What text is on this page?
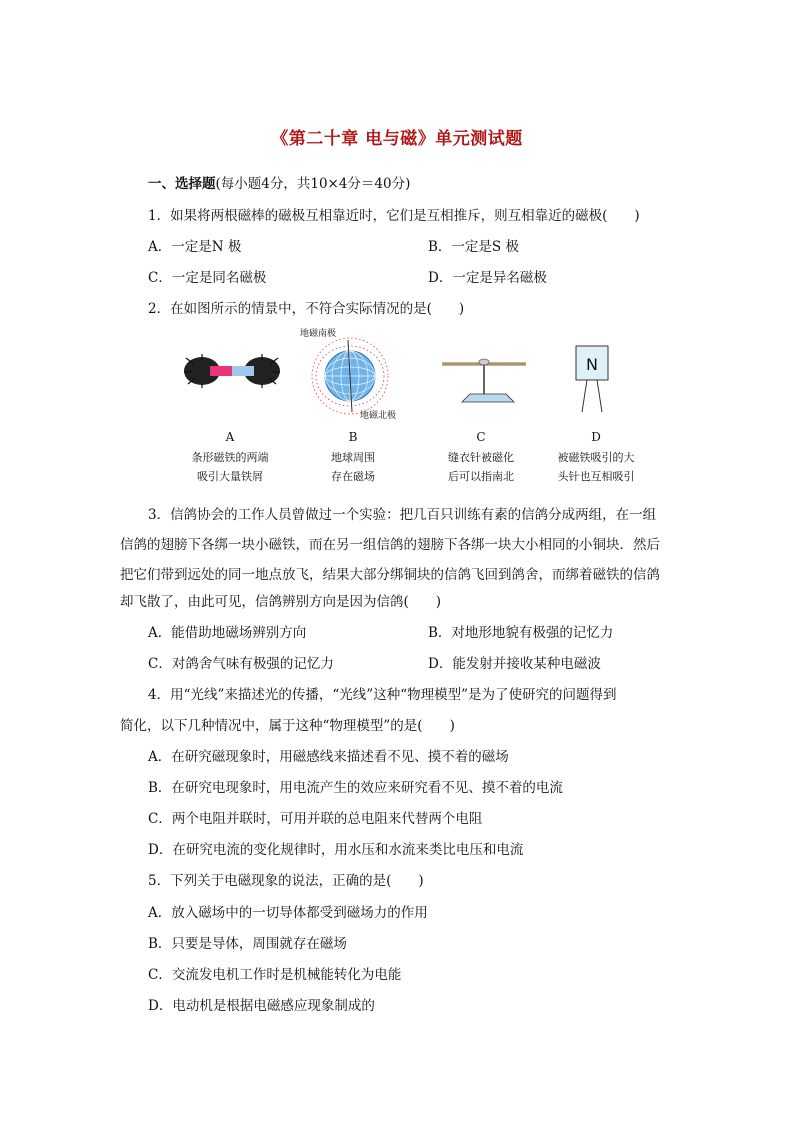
《第二十章 电与磁》单元测试题
一、选择题(每小题4分，共10×4分＝40分)
1．如果将两根磁棒的磁极互相靠近时，它们是互相推斥，则互相靠近的磁极(　　)
A．一定是N 极	B．一定是S 极
C．一定是同名磁极	D．一定是异名磁极
2．在如图所示的情景中，不符合实际情况的是(　　)
地磁南极
地磁北极
N
A	B	C	D
条形磁铁的两端
吸引大量铁屑
地球周围
存在磁场
缝衣针被磁化
后可以指南北
被磁铁吸引的大
头针也互相吸引
3．信鸽协会的工作人员曾做过一个实验：把几百只训练有素的信鸽分成两组，在一组
信鸽的翅膀下各绑一块小磁铁，而在另一组信鸽的翅膀下各绑一块大小相同的小铜块．然后
把它们带到远处的同一地点放飞，结果大部分绑铜块的信鸽飞回到鸽舍，而绑着磁铁的信鸽
却飞散了，由此可见，信鸽辨别方向是因为信鸽(　　)
A．能借助地磁场辨别方向	B．对地形地貌有极强的记忆力
C．对鸽舍气味有极强的记忆力	D．能发射并接收某种电磁波
4．用“光线”来描述光的传播，“光线”这种“物理模型”是为了使研究的问题得到
简化，以下几种情况中，属于这种“物理模型”的是(　　)
A．在研究磁现象时，用磁感线来描述看不见、摸不着的磁场
B．在研究电现象时，用电流产生的效应来研究看不见、摸不着的电流
C．两个电阻并联时，可用并联的总电阻来代替两个电阻
D．在研究电流的变化规律时，用水压和水流来类比电压和电流
5．下列关于电磁现象的说法，正确的是(　　)
A．放入磁场中的一切导体都受到磁场力的作用
B．只要是导体，周围就存在磁场
C．交流发电机工作时是机械能转化为电能
D．电动机是根据电磁感应现象制成的
